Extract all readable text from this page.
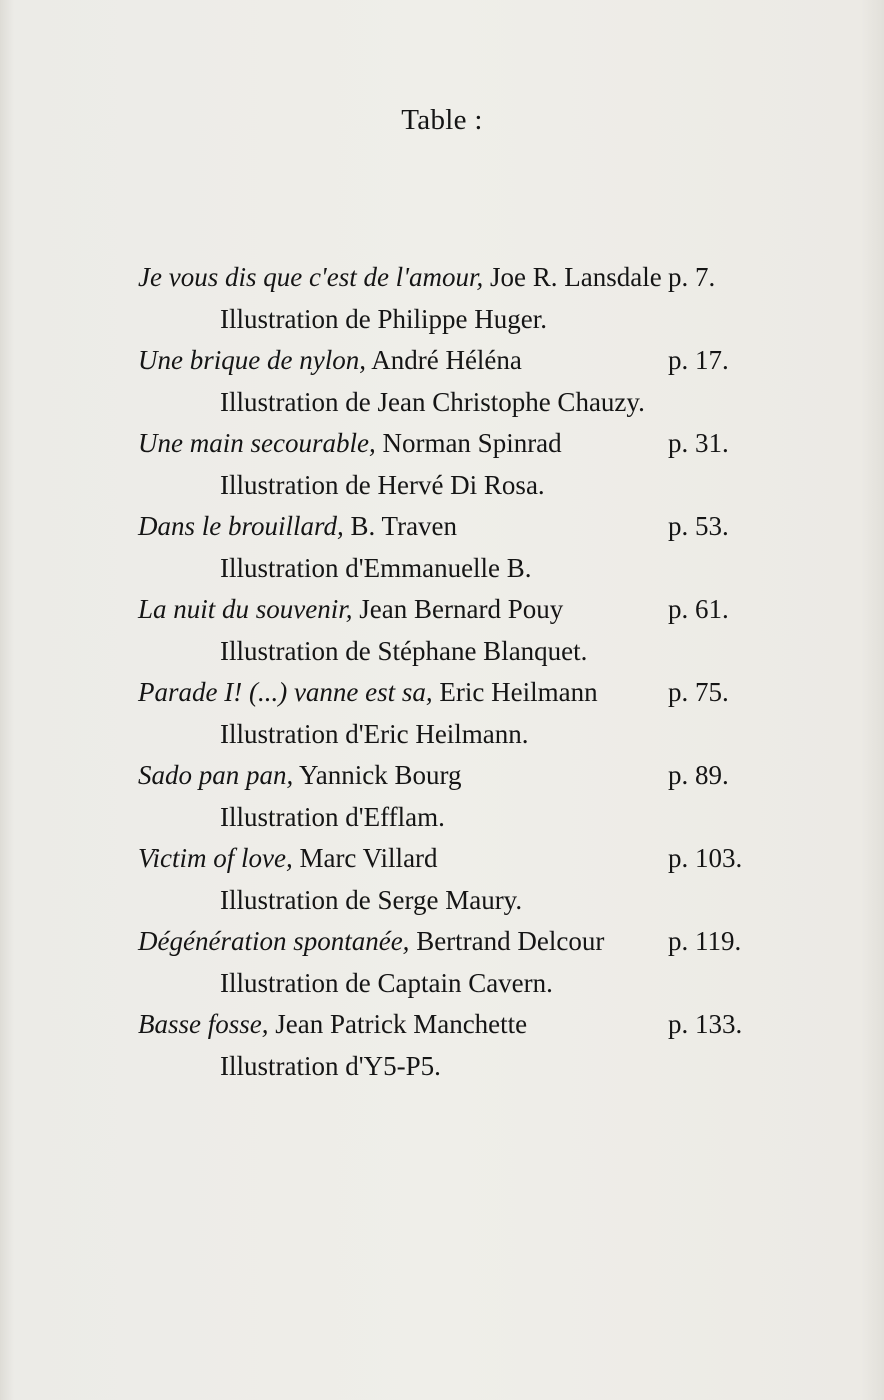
Table :
Je vous dis que c'est de l'amour, Joe R. Lansdale p. 7.
Illustration de Philippe Huger.
Une brique de nylon, André Héléna	p. 17.
Illustration de Jean Christophe Chauzy.
Une main secourable, Norman Spinrad	p. 31.
Illustration de Hervé Di Rosa.
Dans le brouillard, B. Traven	p. 53.
Illustration d'Emmanuelle B.
La nuit du souvenir, Jean Bernard Pouy	p. 61.
Illustration de Stéphane Blanquet.
Parade I! (...) vanne est sa, Eric Heilmann	p. 75.
Illustration d'Eric Heilmann.
Sado pan pan, Yannick Bourg	p. 89.
Illustration d'Efflam.
Victim of love, Marc Villard	p. 103.
Illustration de Serge Maury.
Dégénération spontanée, Bertrand Delcour p. 119.
Illustration de Captain Cavern.
Basse fosse, Jean Patrick Manchette	p. 133.
Illustration d'Y5-P5.
